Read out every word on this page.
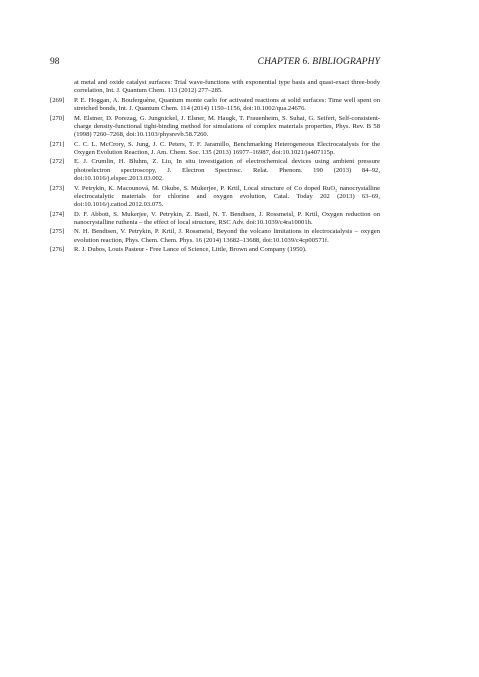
98	CHAPTER 6. BIBLIOGRAPHY
at metal and oxide catalyst surfaces: Trial wave-functions with exponential type basis and quasi-exact three-body correlation, Int. J. Quantum Chem. 113 (2012) 277–285.
[269]	P. E. Hoggan, A. Bouferguène, Quantum monte carlo for activated reactions at solid surfaces: Time well spent on stretched bonds, Int. J. Quantum Chem. 114 (2014) 1150–1156, doi:10.1002/qua.24676.
[270]	M. Elstner, D. Porezag, G. Jungnickel, J. Elsner, M. Haugk, T. Frauenheim, S. Suhai, G. Seifert, Self-consistent-charge density-functional tight-binding method for simulations of complex materials properties, Phys. Rev. B 58 (1998) 7260–7268, doi:10.1103/physrevb.58.7260.
[271]	C. C. L. McCrory, S. Jung, J. C. Peters, T. F. Jaramillo, Benchmarking Heterogeneous Electrocatalysts for the Oxygen Evolution Reaction, J. Am. Chem. Soc. 135 (2013) 16977–16987, doi:10.1021/ja407115p.
[272]	E. J. Crumlin, H. Bluhm, Z. Liu, In situ investigation of electrochemical devices using ambient pressure photoelectron spectroscopy, J. Electron Spectrosc. Relat. Phenom. 190 (2013) 84–92, doi:10.1016/j.elspec.2013.03.002.
[273]	V. Petrykin, K. Macounová, M. Okube, S. Mukerjee, P. Krtil, Local structure of Co doped RuO₂ nanocrystalline electrocatalytic materials for chlorine and oxygen evolution, Catal. Today 202 (2013) 63–69, doi:10.1016/j.cattod.2012.03.075.
[274]	D. F. Abbott, S. Mukerjee, V. Petrykin, Z. Bastl, N. T. Bendtsen, J. Rossmeisl, P. Krtil, Oxygen reduction on nanocrystalline ruthenia – the effect of local structure, RSC Adv. doi:10.1039/c4ra10001h.
[275]	N. H. Bendtsen, V. Petrykin, P. Krtil, J. Rossmeisl, Beyond the volcano limitations in electrocatalysis – oxygen evolution reaction, Phys. Chem. Chem. Phys. 16 (2014) 13682–13688, doi:10.1039/c4cp00571f.
[276]	R. J. Dubos, Louis Pasteur - Free Lance of Science, Little, Brown and Company (1950).
